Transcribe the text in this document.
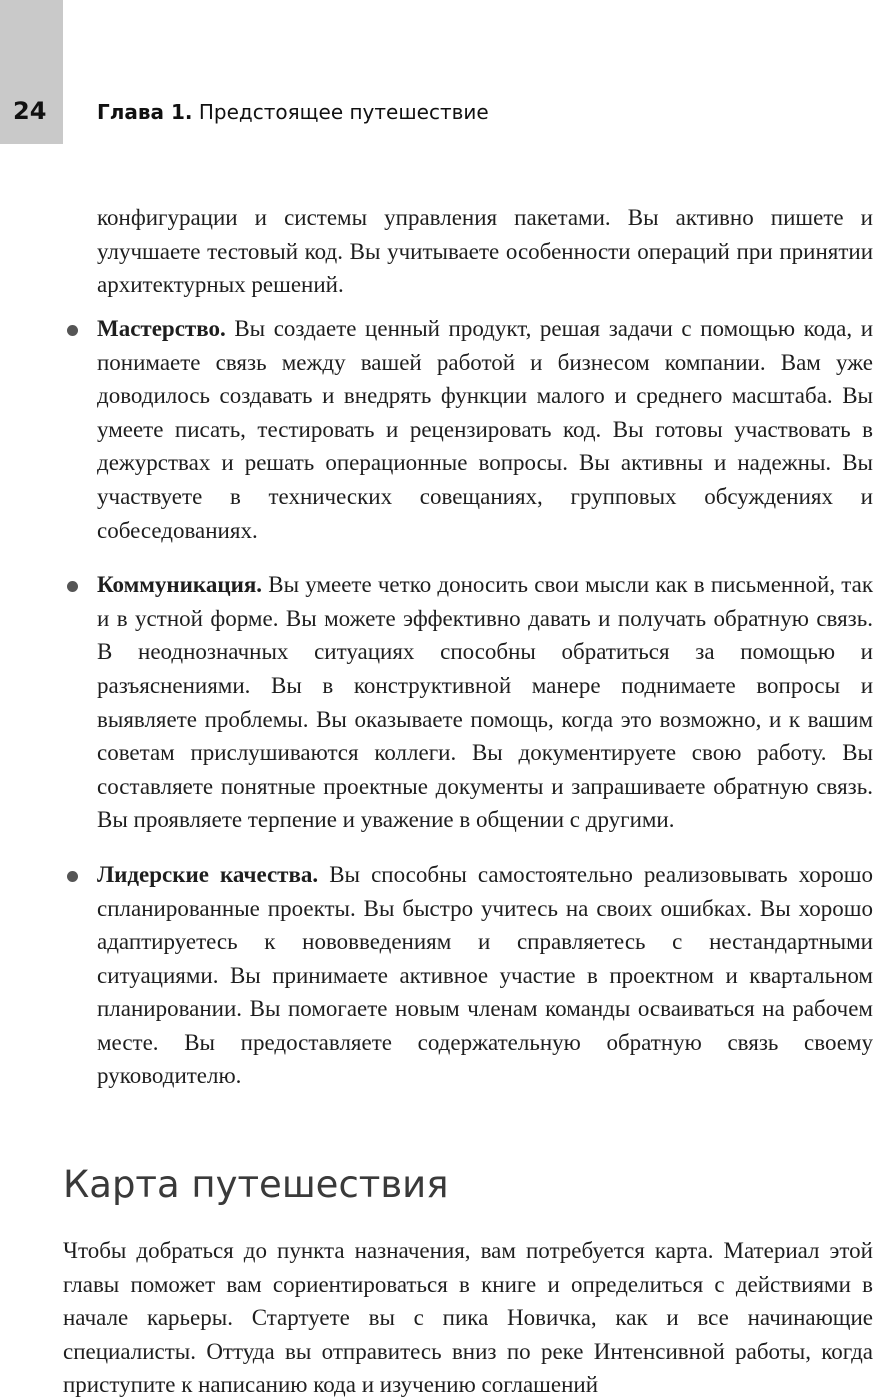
24	Глава 1. Предстоящее путешествие

конфигурации и системы управления пакетами. Вы активно пишете и улучшаете тестовый код. Вы учитываете особенности операций при принятии архитектурных решений.

Мастерство. Вы создаете ценный продукт, решая задачи с помощью кода, и понимаете связь между вашей работой и бизнесом компании. Вам уже доводилось создавать и внедрять функции малого и среднего масштаба. Вы умеете писать, тестировать и рецензировать код. Вы готовы участвовать в дежурствах и решать операционные вопросы. Вы активны и надежны. Вы участвуете в технических совещаниях, групповых обсуждениях и собеседованиях.
Коммуникация. Вы умеете четко доносить свои мысли как в письменной, так и в устной форме. Вы можете эффективно давать и получать обратную связь. В неоднозначных ситуациях способны обратиться за помощью и разъяснениями. Вы в конструктивной манере поднимаете вопросы и выявляете проблемы. Вы оказываете помощь, когда это возможно, и к вашим советам прислушиваются коллеги. Вы документируете свою работу. Вы составляете понятные проектные документы и запрашиваете обратную связь. Вы проявляете терпение и уважение в общении с другими.
Лидерские качества. Вы способны самостоятельно реализовывать хорошо спланированные проекты. Вы быстро учитесь на своих ошибках. Вы хорошо адаптируетесь к нововведениям и справляетесь с нестандартными ситуациями. Вы принимаете активное участие в проектном и квартальном планировании. Вы помогаете новым членам команды осваиваться на рабочем месте. Вы предоставляете содержательную обратную связь своему руководителю.
Карта путешествия

Чтобы добраться до пункта назначения, вам потребуется карта. Материал этой главы поможет вам сориентироваться в книге и определиться с действиями в начале карьеры. Стартуете вы с пика Новичка, как и все начинающие специалисты. Оттуда вы отправитесь вниз по реке Интенсивной работы, когда приступите к написанию кода и изучению соглашений
